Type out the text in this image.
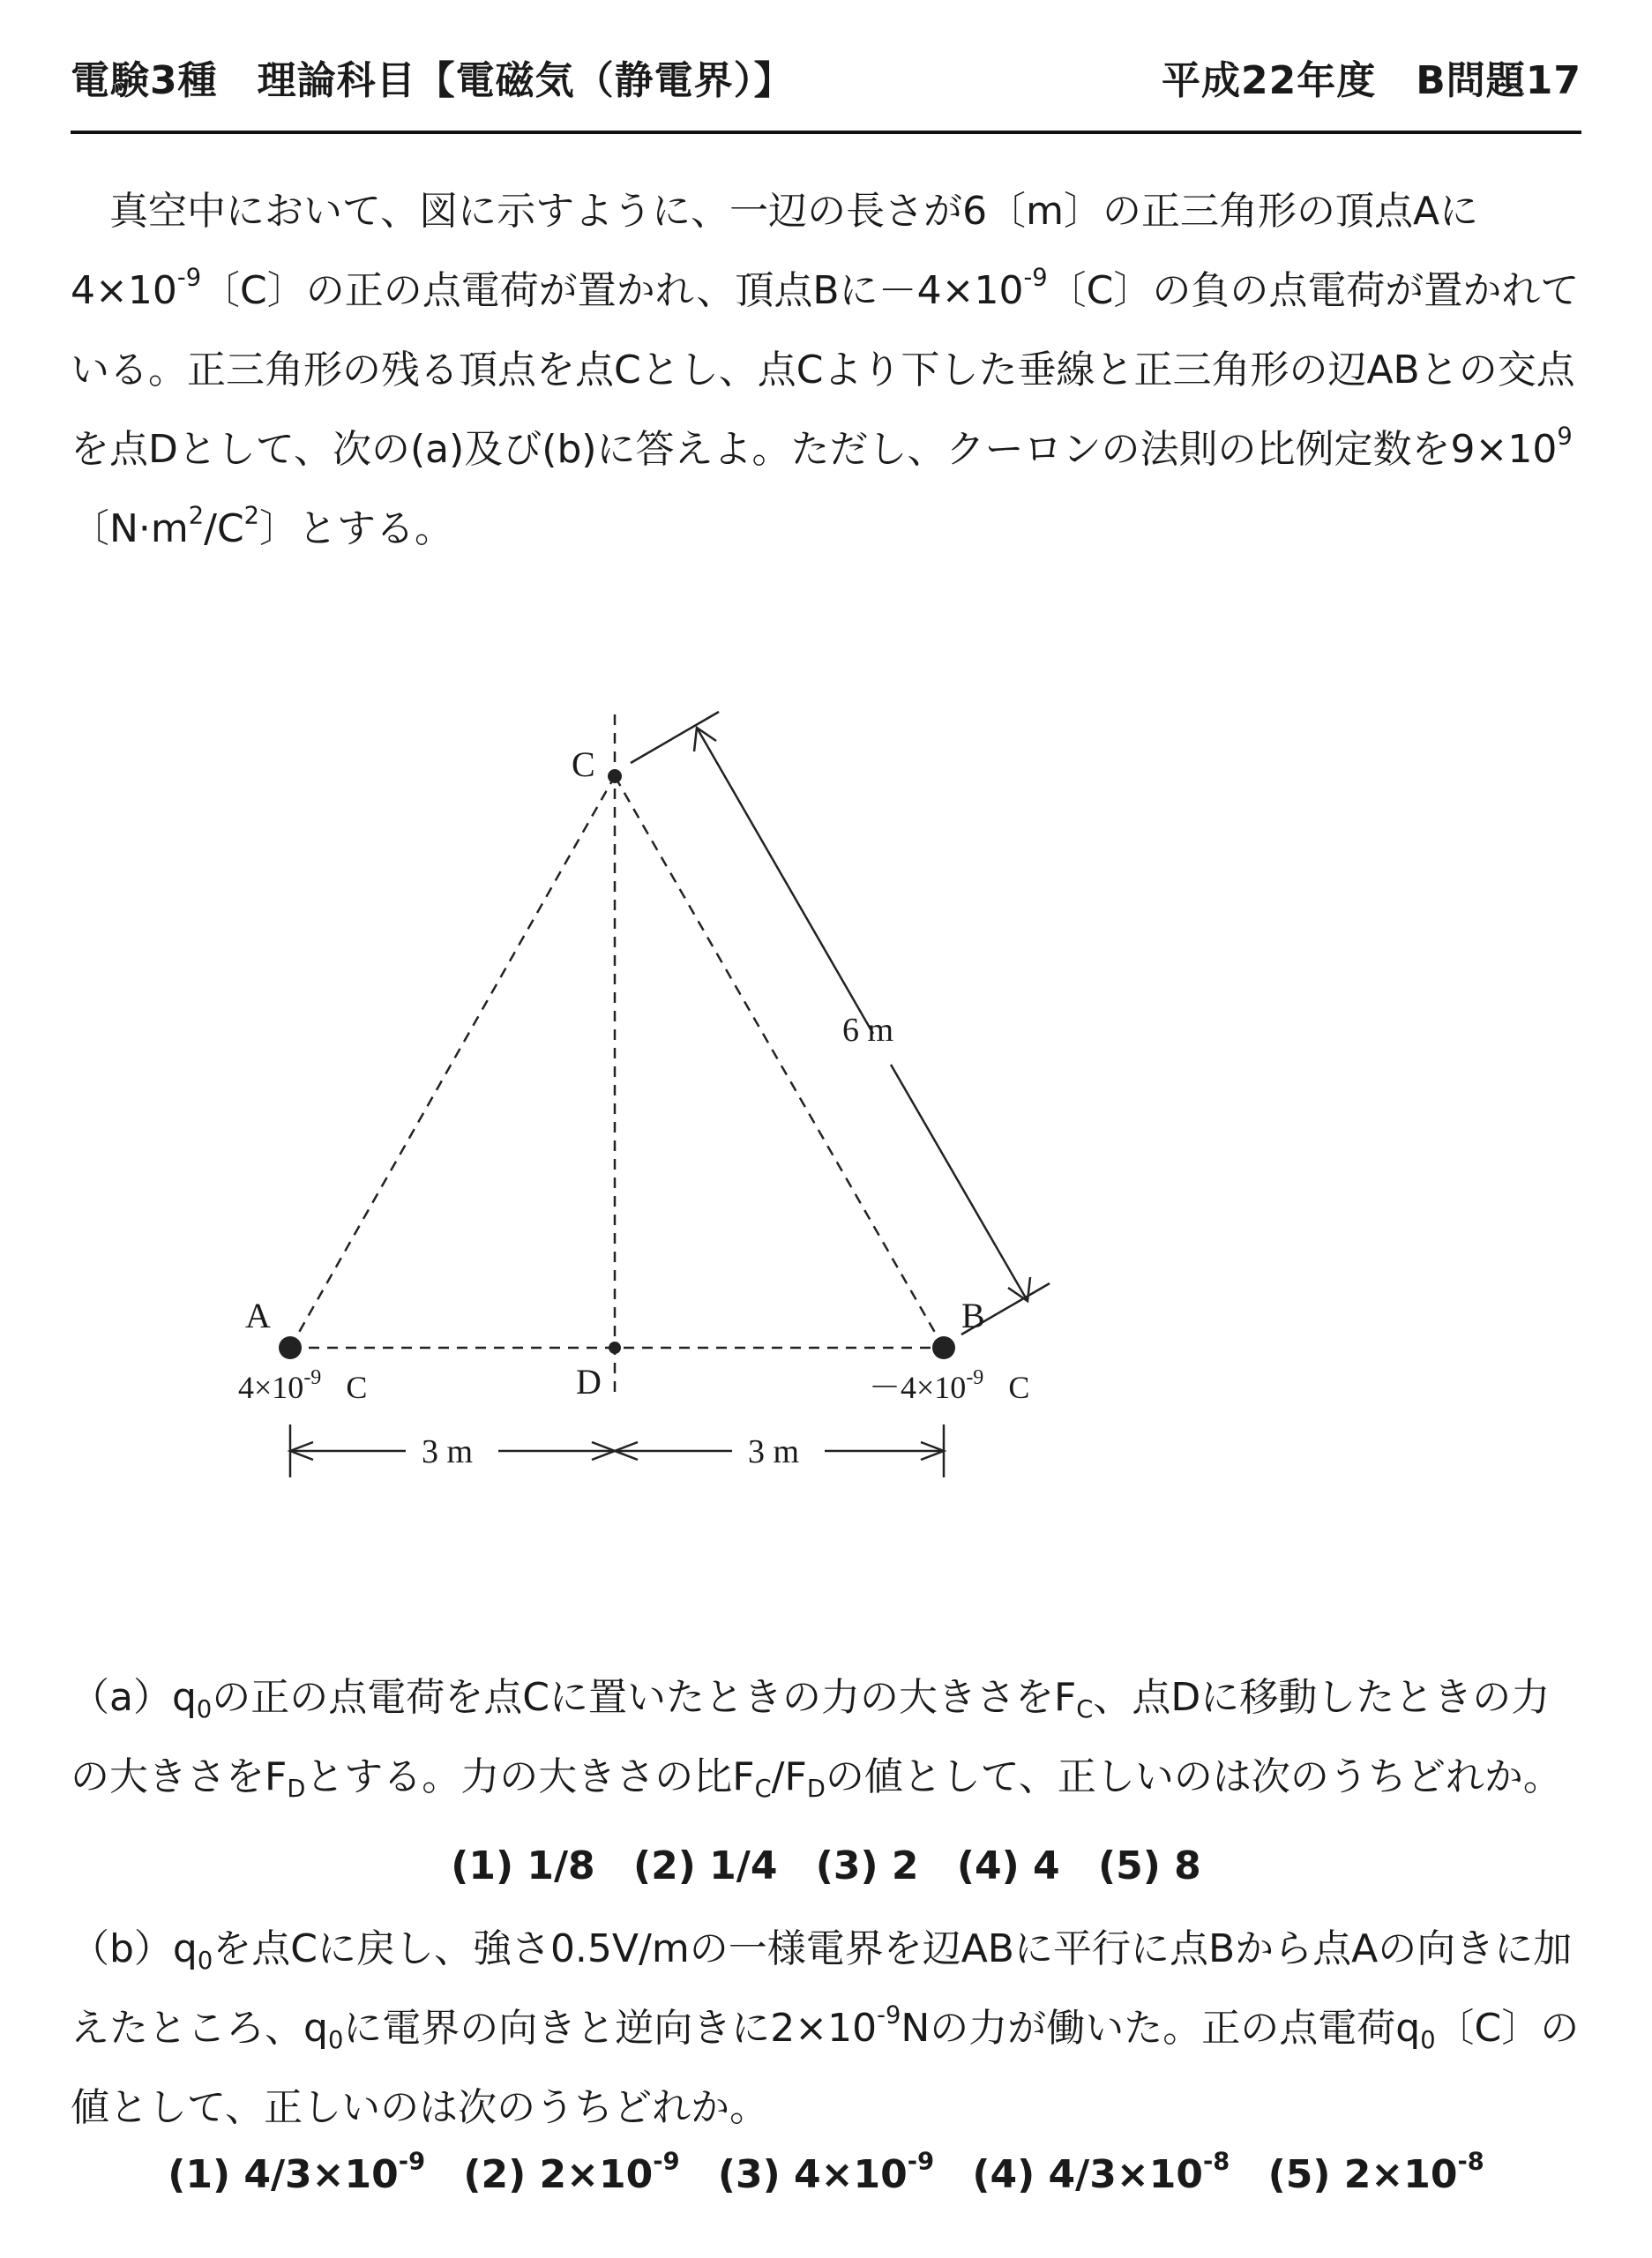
電験3種　理論科目【電磁気（静電界）】	平成22年度　B問題17
真空中において、図に示すように、一辺の長さが6〔m〕の正三角形の頂点Aに$4\times 10^{-9}$〔C〕の正の点電荷が置かれ、頂点Bに$-4\times 10^{-9}$〔C〕の負の点電荷が置かれている。正三角形の残る頂点を点Cとし、点Cより下した垂線と正三角形の辺ABとの交点を点Dとして、次の(a)及び(b)に答えよ。ただし、クーロンの法則の比例定数を$9\times 10^9$〔$N\cdot m^2/C^2$〕とする。
C
A	B
D
6 m
3 m	3 m
$4\times 10^{-9}$ C	$-4\times 10^{-9}$ C
$(a)q_0$の正の点電荷を点Cに置いたときの力の大きさを$F_C$、点Dに移動したときの力の大きさを$F_D$とする。力の大きさの比$F_C/F_D$の値として、正しいのは次のうちどれか。
(1) 1/8 (2) 1/4 (3) 2 (4) 4 (5) 8
$(b)q_0$を点Cに戻し、強さ0.5V/mの一様電界を辺ABに平行に点Bから点Aの向きに加えたところ、$q_0$に電界の向きと逆向きに$2\times 10^{-9}N$の力が働いた。正の点電荷$q_0$〔C〕の値として、正しいのは次のうちどれか。
(1) $4/3\times 10^{-9}$ (2) $2\times 10^{-9}$ (3) $4\times 10^{-9}$ (4) $4/3\times 10^{-8}$ (5) $2\times 10^{-8}$
